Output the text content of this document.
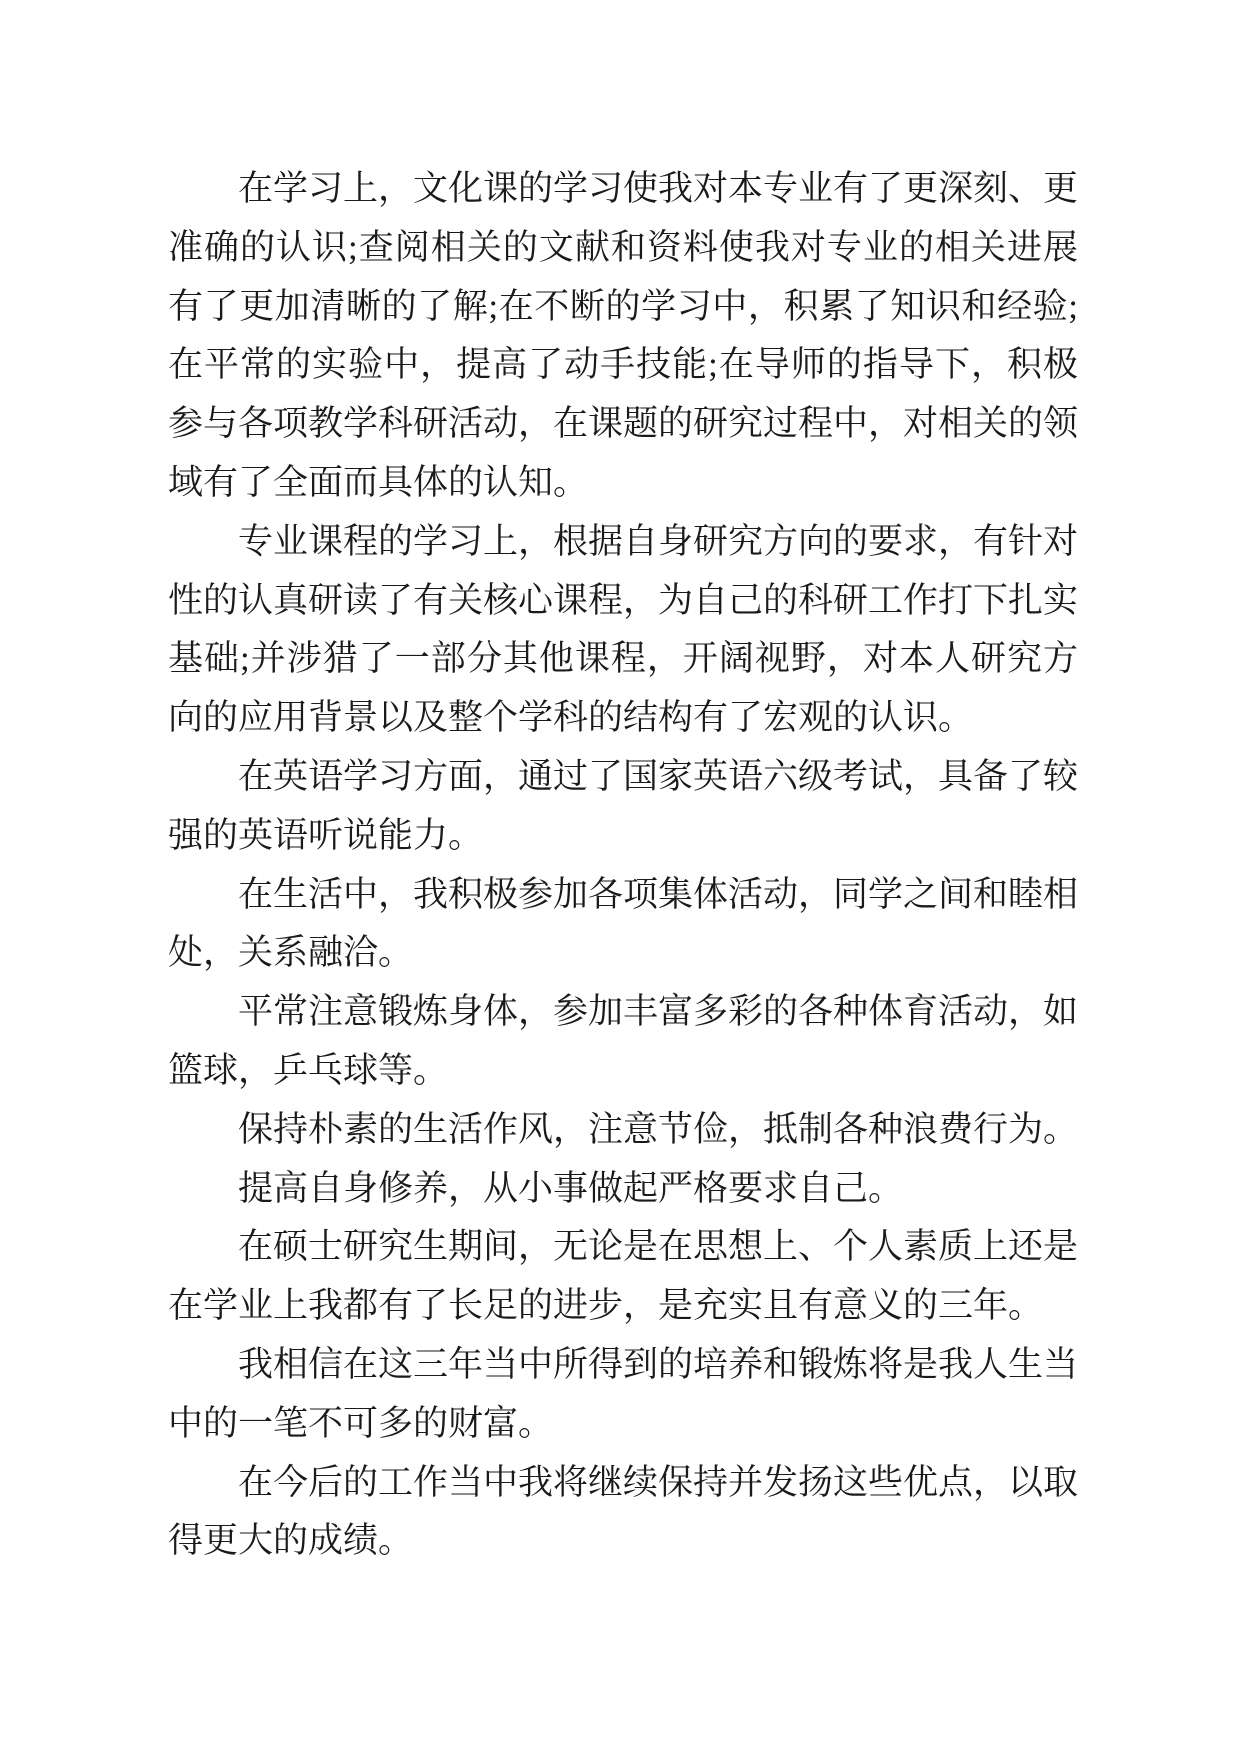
在学习上，文化课的学习使我对本专业有了更深刻、更准确的认识;查阅相关的文献和资料使我对专业的相关进展有了更加清晰的了解;在不断的学习中，积累了知识和经验;在平常的实验中，提高了动手技能;在导师的指导下，积极参与各项教学科研活动，在课题的研究过程中，对相关的领域有了全面而具体的认知。

专业课程的学习上，根据自身研究方向的要求，有针对性的认真研读了有关核心课程，为自己的科研工作打下扎实基础;并涉猎了一部分其他课程，开阔视野，对本人研究方向的应用背景以及整个学科的结构有了宏观的认识。

在英语学习方面，通过了国家英语六级考试，具备了较强的英语听说能力。

在生活中，我积极参加各项集体活动，同学之间和睦相处，关系融洽。

平常注意锻炼身体，参加丰富多彩的各种体育活动，如篮球，乒乓球等。

保持朴素的生活作风，注意节俭，抵制各种浪费行为。

提高自身修养，从小事做起严格要求自己。

在硕士研究生期间，无论是在思想上、个人素质上还是在学业上我都有了长足的进步，是充实且有意义的三年。

我相信在这三年当中所得到的培养和锻炼将是我人生当中的一笔不可多的财富。

在今后的工作当中我将继续保持并发扬这些优点，以取得更大的成绩。
